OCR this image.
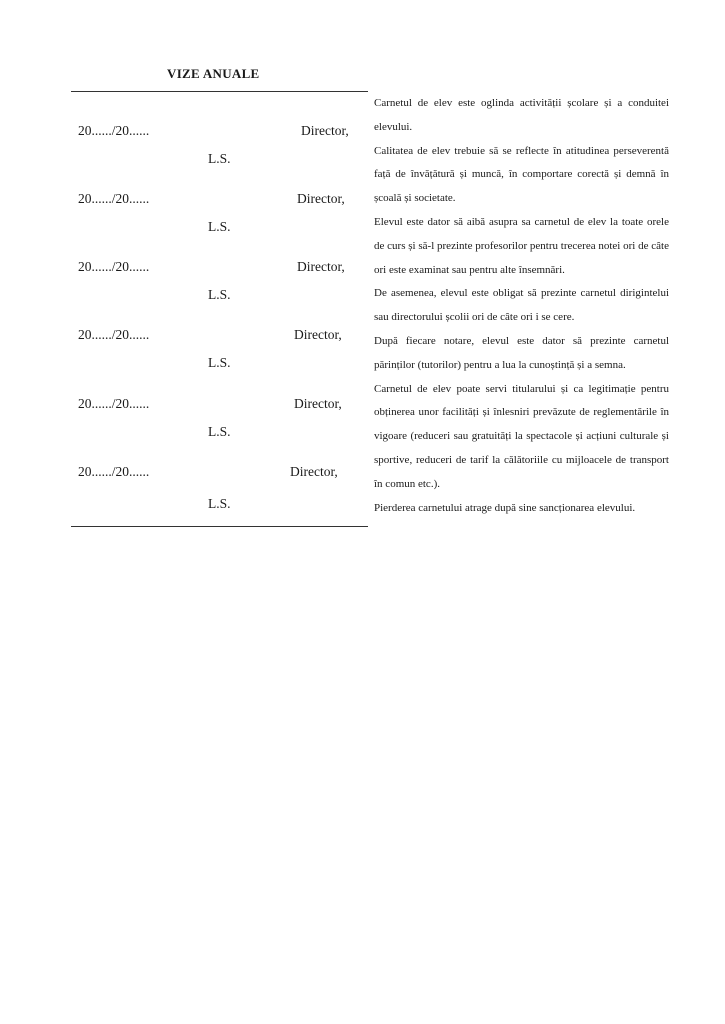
VIZE ANUALE
20....../20......	Director,
L.S.
20....../20......	Director,
L.S.
20....../20......	Director,
L.S.
20....../20......	Director,
L.S.
20....../20......	Director,
L.S.
20....../20......	Director,
L.S.

Carnetul de elev este oglinda activității școlare și a conduitei elevului.

Calitatea de elev trebuie să se reflecte în atitudinea perseverentă față de învățătură și muncă, în comportare corectă și demnă în școală și societate.

Elevul este dator să aibă asupra sa carnetul de elev la toate orele de curs și să-l prezinte profesorilor pentru trecerea notei ori de câte ori este examinat sau pentru alte însemnări.

De asemenea, elevul este obligat să prezinte carnetul dirigintelui sau directorului școlii ori de câte ori i se cere.

După fiecare notare, elevul este dator să prezinte carnetul părinților (tutorilor) pentru a lua la cunoștință și a semna.

Carnetul de elev poate servi titularului și ca legitimație pentru obținerea unor facilități și înlesniri prevăzute de reglementările în vigoare (reduceri sau gratuități la spectacole și acțiuni culturale și sportive, reduceri de tarif la călătoriile cu mijloacele de transport în comun etc.).

Pierderea carnetului atrage după sine sancționarea elevului.
